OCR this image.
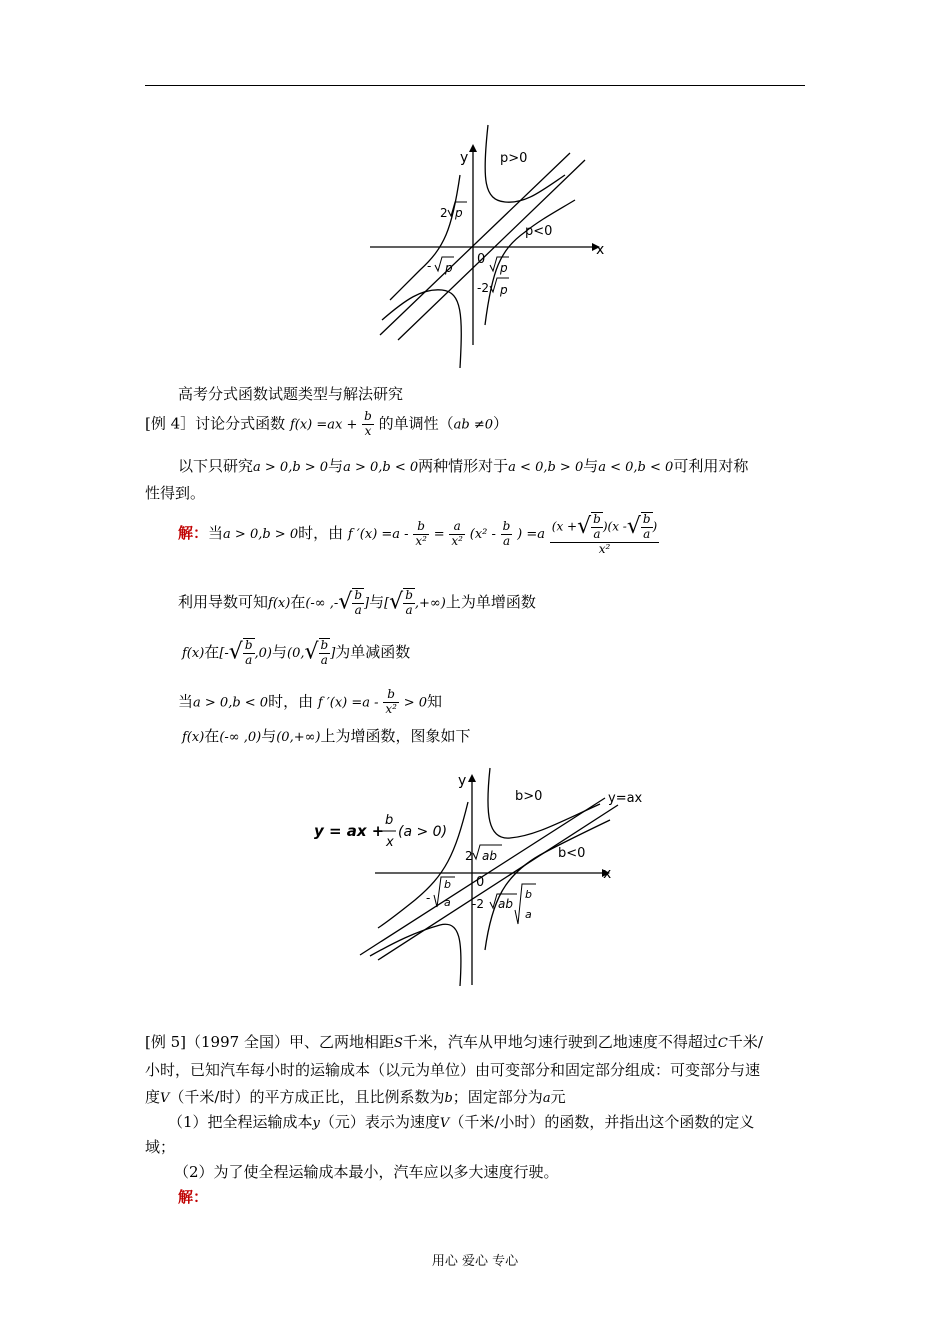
y
x
0
p>0
p<0
2 p
- p	p
-2 p
高考分式函数试题类型与解法研究
[例 4］讨论分式函数 $f(x) =ax + \frac{b}{x}$ 的单调性（ab ≠0）
以下只研究a > 0,b > 0与a > 0,b < 0两种情形对于a < 0,b > 0与a < 0,b < 0可利用对称
性得到。
解：当a > 0,b > 0时，由 f $'(x) =a - \frac{b}{\text{x²}} = \frac{a}{\text{x²}} (x^2 - \frac{b}{a}$ ) $=a \frac{(x +√ \frac{b}{a} )(x -√ \frac{b}{a} )}{\text{x²}}$
利用导数可知f(x)在(-∞ ,-√ $\frac{b}{a}$ ]与[√ $\frac{b}{a}$ ,+∞)上为单增函数
f(x)在[-√ $\frac{b}{a} ,0$)与($0,√ \frac{b}{a}$ ]为单减函数
当a > 0,b < 0时，由 f $'(x) =a - \frac{b}{\text{x²}} > 0$知
f(x)在(-∞ ,0)与(0,+∞)上为增函数，图象如下
y
x
0
b>0
b<0
y=ax
y = ax +
b
x
(a > 0)
2 ab
-
b
a -2 ab
b
a
[例 5]（1997 全国）甲、乙两地相距S千米，汽车从甲地匀速行驶到乙地速度不得超过C千米/
小时，已知汽车每小时的运输成本（以元为单位）由可变部分和固定部分组成：可变部分与速
度V（千米/时）的平方成正比，且比例系数为b；固定部分为a元
（1）把全程运输成本y（元）表示为速度V（千米/小时）的函数，并指出这个函数的定义
域；
（2）为了使全程运输成本最小，汽车应以多大速度行驶。
解：
用心 爱心 专心
